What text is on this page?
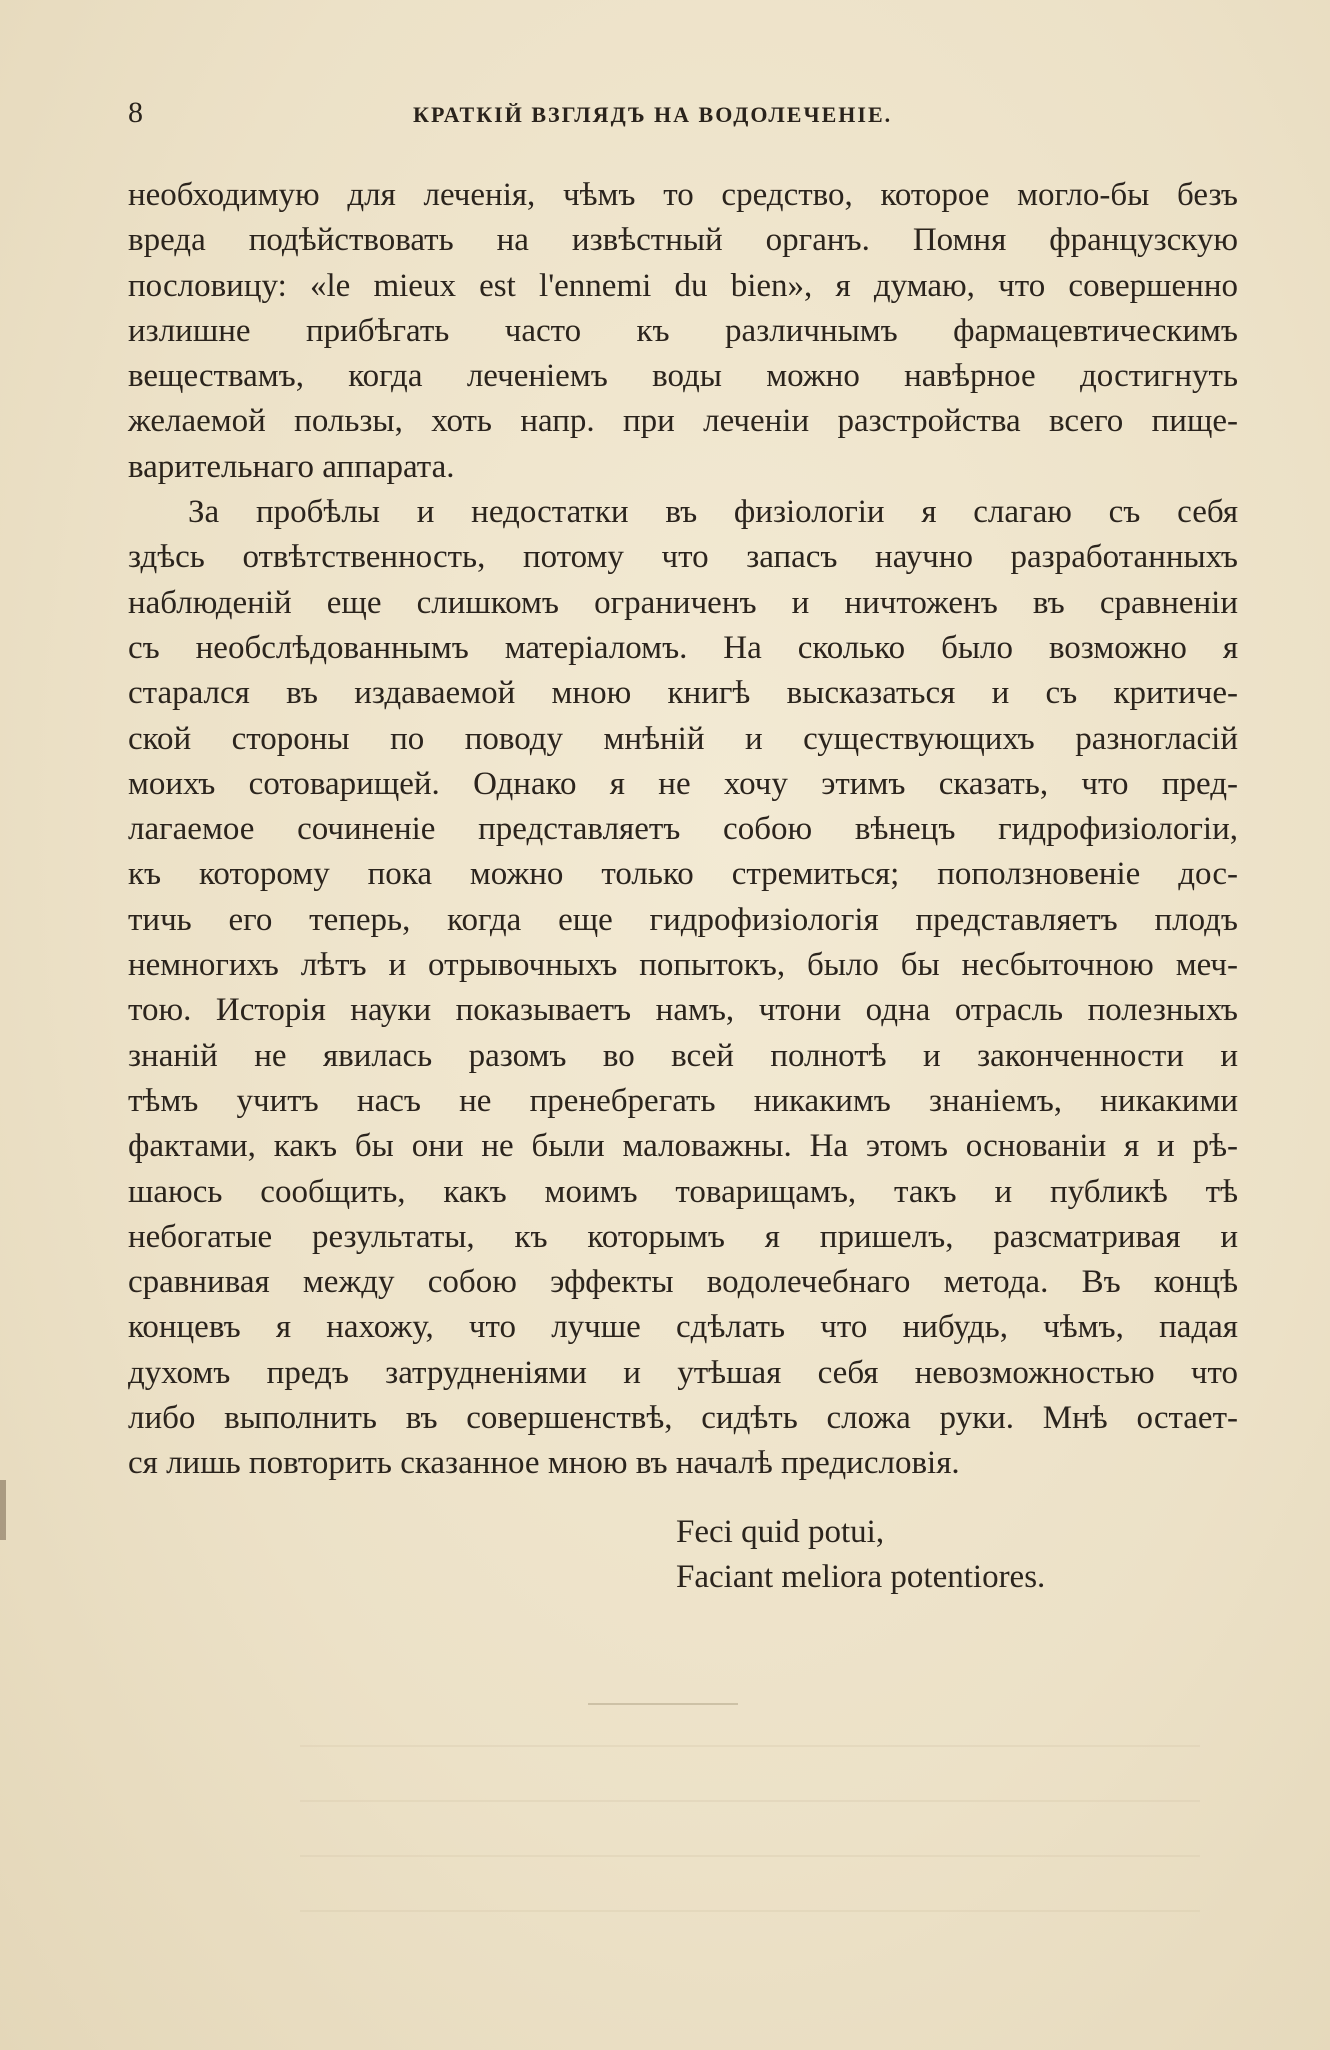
8	КРАТКІЙ ВЗГЛЯДЪ НА ВОДОЛЕЧЕНІЕ.
необходимую для леченія, чѣмъ то средство, которое могло-бы безъ
вреда подѣйствовать на извѣстный органъ. Помня французскую
пословицу: «le mieux est l'ennemi du bien», я думаю, что совершенно
излишне прибѣгать часто къ различнымъ фармацевтическимъ
веществамъ, когда леченіемъ воды можно навѣрное достигнуть
желаемой пользы, хоть напр. при леченіи разстройства всего пище-
варительнаго аппарата.
За пробѣлы и недостатки въ физіологіи я слагаю съ себя
здѣсь отвѣтственность, потому что запасъ научно разработанныхъ
наблюденій еще слишкомъ ограниченъ и ничтоженъ въ сравненіи
съ необслѣдованнымъ матеріаломъ. На сколько было возможно я
старался въ издаваемой мною книгѣ высказаться и съ критиче-
ской стороны по поводу мнѣній и существующихъ разногласій
моихъ сотоварищей. Однако я не хочу этимъ сказать, что пред-
лагаемое сочиненіе представляетъ собою вѣнецъ гидрофизіологіи,
къ которому пока можно только стремиться; поползновеніе дос-
тичь его теперь, когда еще гидрофизіологія представляетъ плодъ
немногихъ лѣтъ и отрывочныхъ попытокъ, было бы несбыточною меч-
тою. Исторія науки показываетъ намъ, чтони одна отрасль полезныхъ
знаній не явилась разомъ во всей полнотѣ и законченности и
тѣмъ учитъ насъ не пренебрегать никакимъ знаніемъ, никакими
фактами, какъ бы они не были маловажны. На этомъ основаніи я и рѣ-
шаюсь сообщить, какъ моимъ товарищамъ, такъ и публикѣ тѣ
небогатые результаты, къ которымъ я пришелъ, разсматривая и
сравнивая между собою эффекты водолечебнаго метода. Въ концѣ
концевъ я нахожу, что лучше сдѣлать что нибудь, чѣмъ, падая
духомъ предъ затрудненіями и утѣшая себя невозможностью что
либо выполнить въ совершенствѣ, сидѣть сложа руки. Мнѣ остает-
ся лишь повторить сказанное мною въ началѣ предисловія.
Feci quid potui,
Faciant meliora potentiores.
